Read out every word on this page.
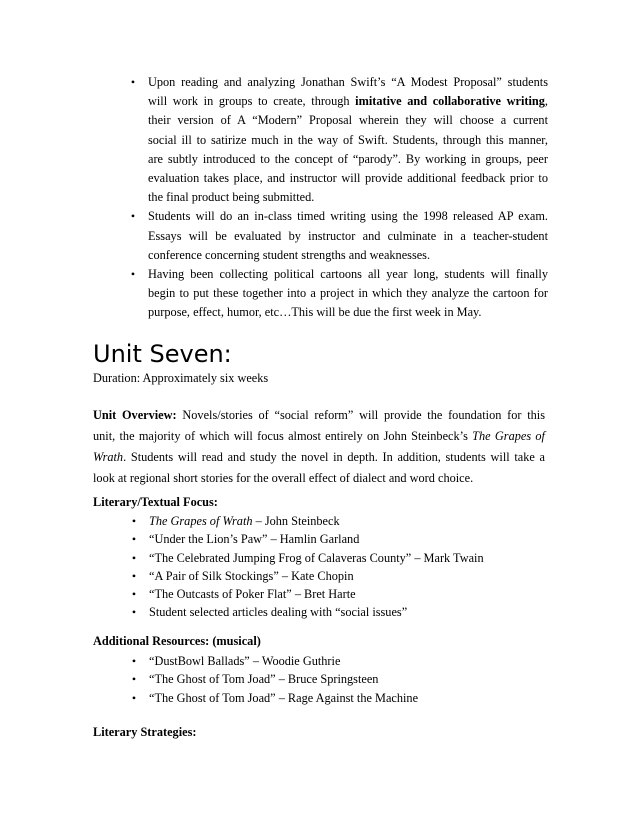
• Upon reading and analyzing Jonathan Swift’s “A Modest Proposal” students
will work in groups to create, through imitative and collaborative writing,
their version of A “Modern” Proposal wherein they will choose a current
social ill to satirize much in the way of Swift. Students, through this manner,
are subtly introduced to the concept of “parody”. By working in groups, peer
evaluation takes place, and instructor will provide additional feedback prior to
the final product being submitted.
• Students will do an in-class timed writing using the 1998 released AP exam.
Essays will be evaluated by instructor and culminate in a teacher-student
conference concerning student strengths and weaknesses.
• Having been collecting political cartoons all year long, students will finally
begin to put these together into a project in which they analyze the cartoon for
purpose, effect, humor, etc…This will be due the first week in May.
Unit Seven:

Duration: Approximately six weeks

Unit Overview: Novels/stories of “social reform” will provide the foundation for this
unit, the majority of which will focus almost entirely on John Steinbeck’s The Grapes of
Wrath. Students will read and study the novel in depth. In addition, students will take a
look at regional short stories for the overall effect of dialect and word choice.

Literary/Textual Focus:

• The Grapes of Wrath – John Steinbeck
• “Under the Lion’s Paw” – Hamlin Garland
• “The Celebrated Jumping Frog of Calaveras County” – Mark Twain
• “A Pair of Silk Stockings” – Kate Chopin
• “The Outcasts of Poker Flat” – Bret Harte
• Student selected articles dealing with “social issues”

Additional Resources: (musical)

• “DustBowl Ballads” – Woodie Guthrie
• “The Ghost of Tom Joad” – Bruce Springsteen
• “The Ghost of Tom Joad” – Rage Against the Machine

Literary Strategies:
